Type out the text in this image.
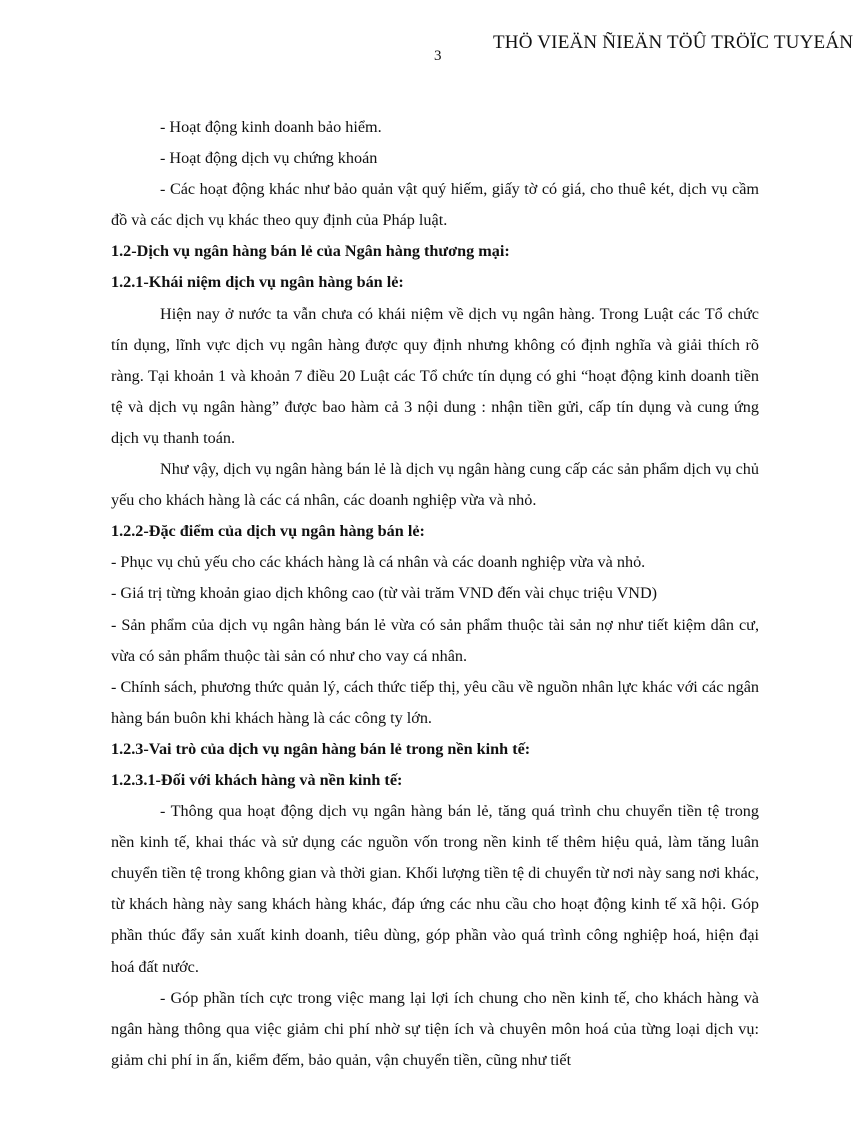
THÖ VIEÄN ÑIEÄN TÖÛ TRÖÏC TUYEÁN
3

- Hoạt động kinh doanh bảo hiểm.

- Hoạt động dịch vụ chứng khoán

- Các hoạt động khác như bảo quản vật quý hiếm, giấy tờ có giá, cho thuê két, dịch vụ cầm đồ và các dịch vụ khác theo quy định của Pháp luật.

1.2-Dịch vụ ngân hàng bán lẻ của Ngân hàng thương mại:

1.2.1-Khái niệm dịch vụ ngân hàng bán lẻ:

Hiện nay ở nước ta vẫn chưa có khái niệm về dịch vụ ngân hàng. Trong Luật các Tổ chức tín dụng, lĩnh vực dịch vụ ngân hàng được quy định nhưng không có định nghĩa và giải thích rõ ràng. Tại khoản 1 và khoản 7 điều 20 Luật các Tổ chức tín dụng có ghi “hoạt động kinh doanh tiền tệ và dịch vụ ngân hàng” được bao hàm cả 3 nội dung : nhận tiền gửi, cấp tín dụng và cung ứng dịch vụ thanh toán.

Như vậy, dịch vụ ngân hàng bán lẻ là dịch vụ ngân hàng cung cấp các sản phẩm dịch vụ chủ yếu cho khách hàng là các cá nhân, các doanh nghiệp vừa và nhỏ.

1.2.2-Đặc điểm của dịch vụ ngân hàng bán lẻ:

- Phục vụ chủ yếu cho các khách hàng là cá nhân và các doanh nghiệp vừa và nhỏ.

- Giá trị từng khoản giao dịch không cao (từ vài trăm VND đến vài chục triệu VND)

- Sản phẩm của dịch vụ ngân hàng bán lẻ vừa có sản phẩm thuộc tài sản nợ như tiết kiệm dân cư, vừa có sản phẩm thuộc tài sản có như cho vay cá nhân.

- Chính sách, phương thức quản lý, cách thức tiếp thị, yêu cầu về nguồn nhân lực khác với các ngân hàng bán buôn khi khách hàng là các công ty lớn.

1.2.3-Vai trò của dịch vụ ngân hàng bán lẻ trong nền kinh tế:

1.2.3.1-Đối với khách hàng và nền kinh tế:

- Thông qua hoạt động dịch vụ ngân hàng bán lẻ, tăng quá trình chu chuyển tiền tệ trong nền kinh tế, khai thác và sử dụng các nguồn vốn trong nền kinh tế thêm hiệu quả, làm tăng luân chuyển tiền tệ trong không gian và thời gian. Khối lượng tiền tệ di chuyển từ nơi này sang nơi khác, từ khách hàng này sang khách hàng khác, đáp ứng các nhu cầu cho hoạt động kinh tế xã hội. Góp phần thúc đẩy sản xuất kinh doanh, tiêu dùng, góp phần vào quá trình công nghiệp hoá, hiện đại hoá đất nước.

- Góp phần tích cực trong việc mang lại lợi ích chung cho nền kinh tế, cho khách hàng và ngân hàng thông qua việc giảm chi phí nhờ sự tiện ích và chuyên môn hoá của từng loại dịch vụ: giảm chi phí in ấn, kiểm đếm, bảo quản, vận chuyển tiền, cũng như tiết
